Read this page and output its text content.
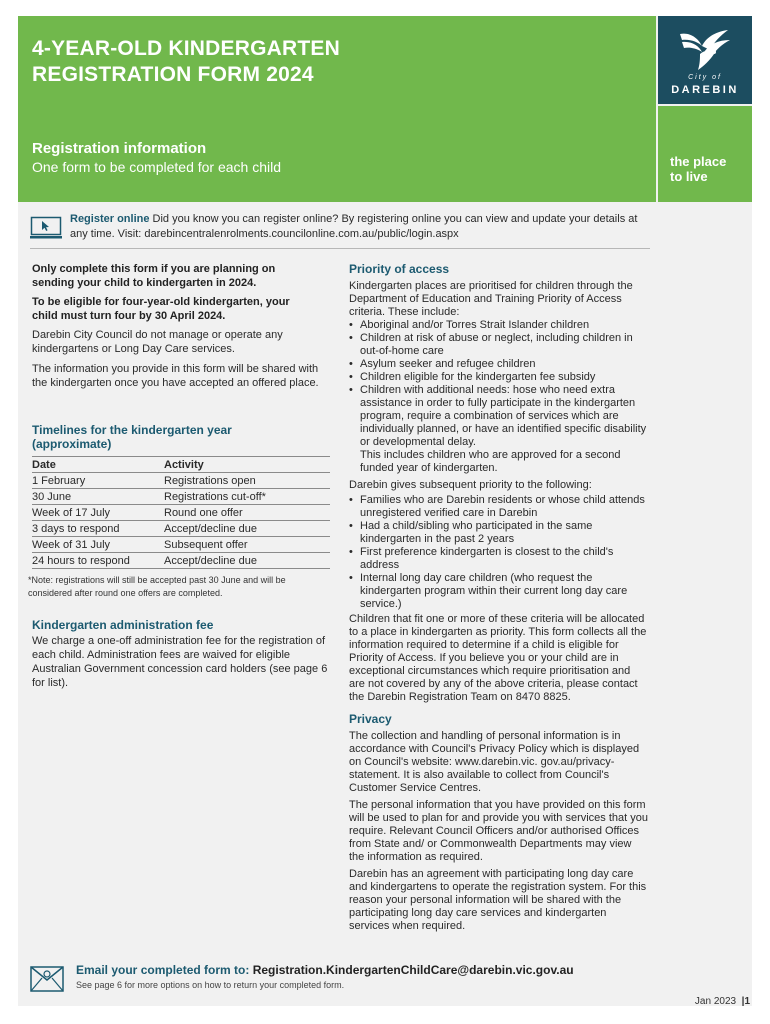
4-YEAR-OLD KINDERGARTEN
REGISTRATION FORM 2024
Registration information
One form to be completed for each child
City of
DAREBIN
the place
to live
Register online Did you know you can register online? By registering online you can view and update your details at any time. Visit: darebincentralenrolments.councilonline.com.au/public/login.aspx

Only complete this form if you are planning on sending your child to kindergarten in 2024.

To be eligible for four-year-old kindergarten, your child must turn four by 30 April 2024.

Darebin City Council do not manage or operate any kindergartens or Long Day Care services.

The information you provide in this form will be shared with the kindergarten once you have accepted an offered place.

Timelines for the kindergarten year (approximate)

Date	Activity
1 February	Registrations open
30 June	Registrations cut-off*
Week of 17 July	Round one offer
3 days to respond	Accept/decline due
Week of 31 July	Subsequent offer
24 hours to respond	Accept/decline due

*Note: registrations will still be accepted past 30 June and will be considered after round one offers are completed.

Kindergarten administration fee

We charge a one-off administration fee for the registration of each child. Administration fees are waived for eligible Australian Government concession card holders (see page 6 for list).

Priority of access

Kindergarten places are prioritised for children through the Department of Education and Training Priority of Access criteria. These include:

• Aboriginal and/or Torres Strait Islander children
• Children at risk of abuse or neglect, including children in out-of-home care
• Asylum seeker and refugee children
• Children eligible for the kindergarten fee subsidy
• Children with additional needs: hose who need extra assistance in order to fully participate in the kindergarten program, require a combination of services which are individually planned, or have an identified specific disability or developmental delay.

This includes children who are approved for a second funded year of kindergarten.

Darebin gives subsequent priority to the following:

• Families who are Darebin residents or whose child attends unregistered verified care in Darebin
• Had a child/sibling who participated in the same kindergarten in the past 2 years
• First preference kindergarten is closest to the child's address
• Internal long day care children (who request the kindergarten program within their current long day care service.)

Children that fit one or more of these criteria will be allocated to a place in kindergarten as priority. This form collects all the information required to determine if a child is eligible for Priority of Access. If you believe you or your child are in exceptional circumstances which require prioritisation and are not covered by any of the above criteria, please contact the Darebin Registration Team on 8470 8825.

Privacy

The collection and handling of personal information is in accordance with Council's Privacy Policy which is displayed on Council's website: www.darebin.vic. gov.au/privacy-statement. It is also available to collect from Council's Customer Service Centres.

The personal information that you have provided on this form will be used to plan for and provide you with services that you require. Relevant Council Officers and/or authorised Offices from State and/ or Commonwealth Departments may view the information as required.

Darebin has an agreement with participating long day care and kindergartens to operate the registration system. For this reason your personal information will be shared with the participating long day care services and kindergarten services when required.

Email your completed form to: Registration.KindergartenChildCare@darebin.vic.gov.au
See page 6 for more options on how to return your completed form.
Jan 2023 |1
